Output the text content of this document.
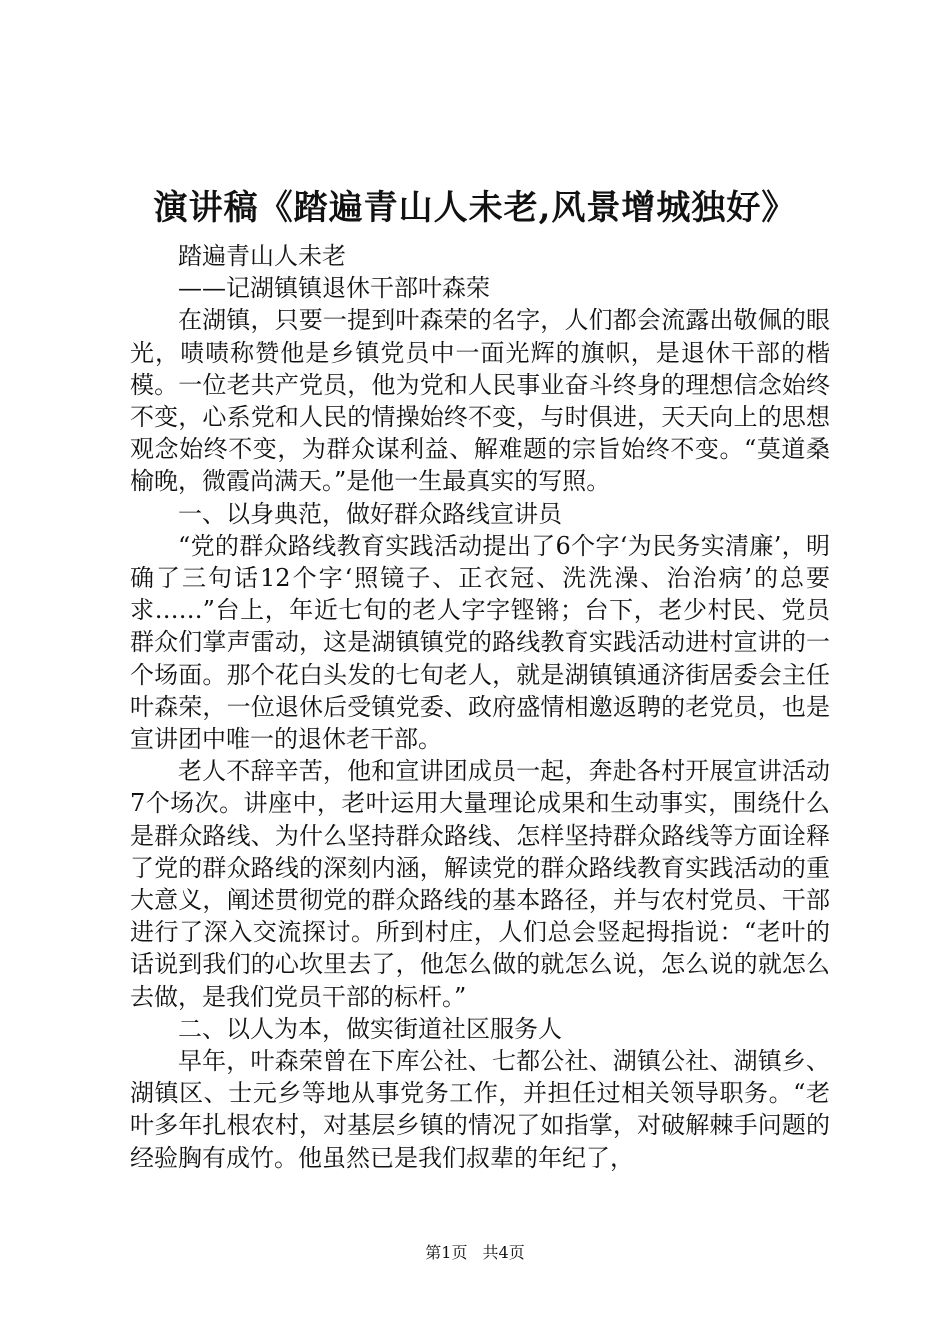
演讲稿《踏遍青山人未老,风景增城独好》

踏遍青山人未老

——记湖镇镇退休干部叶森荣

在湖镇，只要一提到叶森荣的名字，人们都会流露出敬佩的眼光，啧啧称赞他是乡镇党员中一面光辉的旗帜，是退休干部的楷模。一位老共产党员，他为党和人民事业奋斗终身的理想信念始终不变，心系党和人民的情操始终不变，与时俱进，天天向上的思想观念始终不变，为群众谋利益、解难题的宗旨始终不变。“莫道桑榆晚，微霞尚满天。”是他一生最真实的写照。

一、以身典范，做好群众路线宣讲员

“党的群众路线教育实践活动提出了6个字‘为民务实清廉’，明确了三句话12个字‘照镜子、正衣冠、洗洗澡、治治病’的总要求……”台上，年近七旬的老人字字铿锵；台下，老少村民、党员群众们掌声雷动，这是湖镇镇党的路线教育实践活动进村宣讲的一个场面。那个花白头发的七旬老人，就是湖镇镇通济街居委会主任叶森荣，一位退休后受镇党委、政府盛情相邀返聘的老党员，也是宣讲团中唯一的退休老干部。

老人不辞辛苦，他和宣讲团成员一起，奔赴各村开展宣讲活动7个场次。讲座中，老叶运用大量理论成果和生动事实，围绕什么是群众路线、为什么坚持群众路线、怎样坚持群众路线等方面诠释了党的群众路线的深刻内涵，解读党的群众路线教育实践活动的重大意义，阐述贯彻党的群众路线的基本路径，并与农村党员、干部进行了深入交流探讨。所到村庄，人们总会竖起拇指说：“老叶的话说到我们的心坎里去了，他怎么做的就怎么说，怎么说的就怎么去做，是我们党员干部的标杆。”

二、以人为本，做实街道社区服务人

早年，叶森荣曾在下库公社、七都公社、湖镇公社、湖镇乡、湖镇区、士元乡等地从事党务工作，并担任过相关领导职务。“老叶多年扎根农村，对基层乡镇的情况了如指掌，对破解棘手问题的经验胸有成竹。他虽然已是我们叔辈的年纪了，

第1页 共4页
